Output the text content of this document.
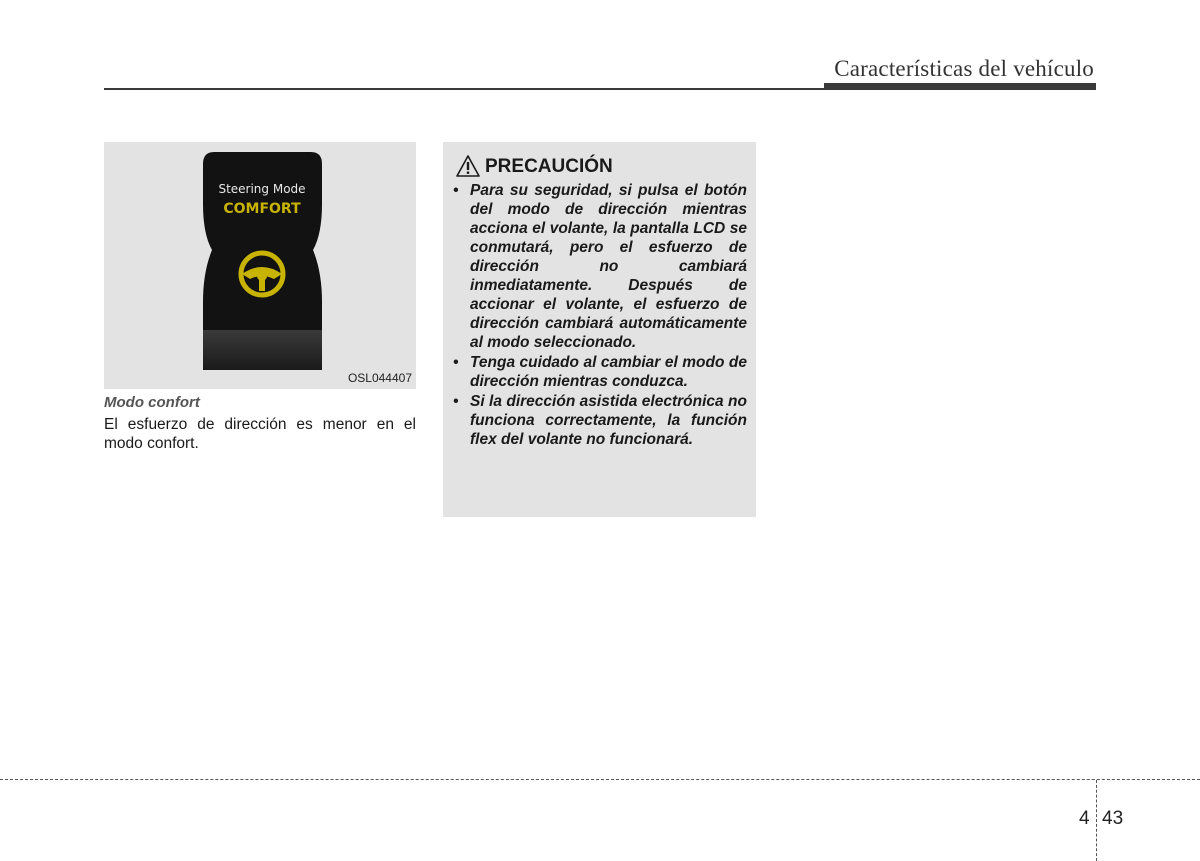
Características del vehículo
Steering Mode
COMFORT
OSL044407
Modo confort
El esfuerzo de dirección es menor en el modo confort.
PRECAUCIÓN
• Para su seguridad, si pulsa el botón del modo de dirección mientras acciona el volante, la pantalla LCD se conmutará, pero el esfuerzo de dirección no cambiará inmediatamente. Después de accionar el volante, el esfuerzo de dirección cambiará automáticamente al modo seleccionado.
• Tenga cuidado al cambiar el modo de dirección mientras conduzca.
• Si la dirección asistida electrónica no funciona correctamente, la función flex del volante no funcionará.
4 43
